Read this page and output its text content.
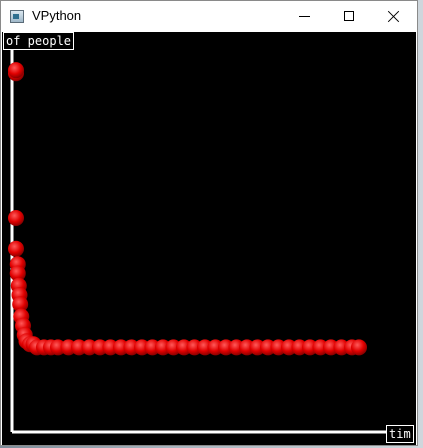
VPython
of people
tim
